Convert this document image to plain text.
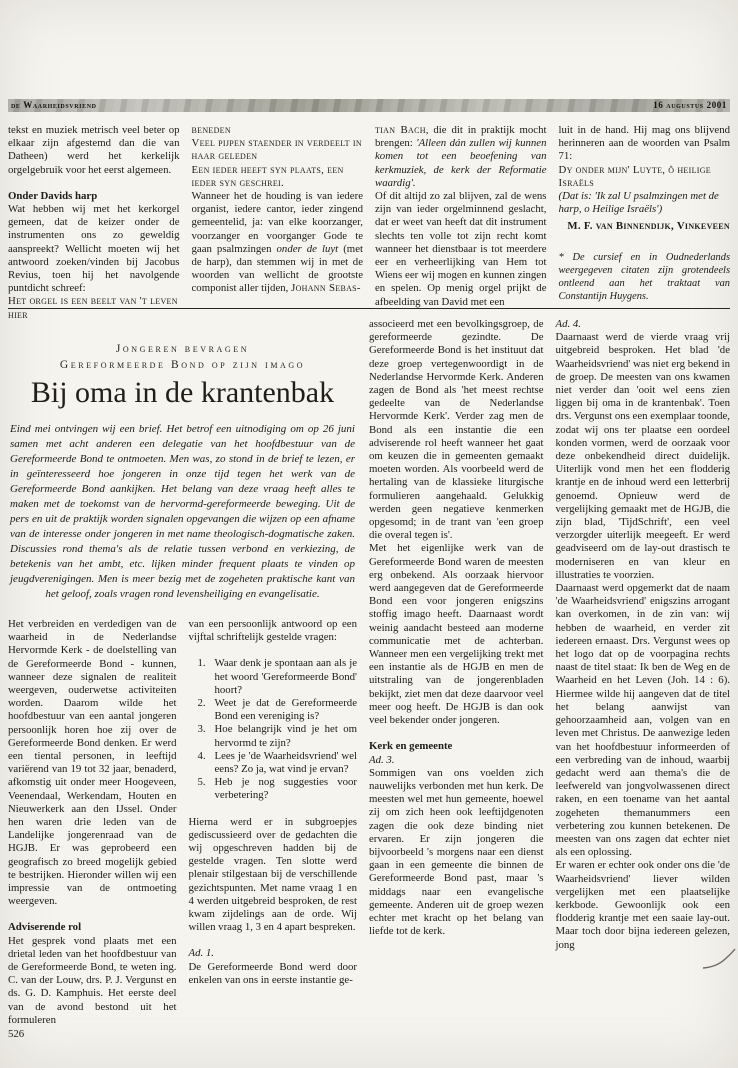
de Waarheidsvriend	16 augustus 2001

tekst en muziek metrisch veel beter op elkaar zijn afgestemd dan die van Datheen) werd het kerkelijk orgelgebruik voor het eerst algemeen.

Onder Davids harp

Wat hebben wij met het kerkorgel gemeen, dat de keizer onder de instrumenten ons zo geweldig aanspreekt? Wellicht moeten wij het antwoord zoeken/vinden bij Jacobus Revius, toen hij het navolgende puntdicht schreef:

Het orgel is een beelt van 't leven hier

beneden

Veel pijpen staender in verdeelt in haar geleden

Een ieder heeft syn plaats, een ieder syn geschrei.

Wanneer het de houding is van iedere organist, iedere cantor, ieder zingend gemeentelid, ja: van elke koorzanger, voorzanger en voorganger Gode te gaan psalmzingen onder de luyt (met de harp), dan stemmen wij in met de woorden van wellicht de grootste componist aller tijden, Johann Sebas-

tian Bach, die dit in praktijk mocht brengen: 'Alleen dán zullen wij kunnen komen tot een beoefening van kerkmuziek, de kerk der Reformatie waardig'.

Of dit altijd zo zal blijven, zal de wens zijn van ieder orgelminnend geslacht, dat er weet van heeft dat dit instrument slechts ten volle tot zijn recht komt wanneer het dienstbaar is tot meerdere eer en verheerlijking van Hem tot Wiens eer wij mogen en kunnen zingen en spelen. Op menig orgel prijkt de afbeelding van David met een

luit in de hand. Hij mag ons blijvend herinneren aan de woorden van Psalm 71:

Dy onder mijn' Luyte, ô heilige Israëls

(Dat is: 'Ik zal U psalmzingen met de harp, o Heilige Israëls')

M. F. van Binnendijk, Vinkeveen

* De cursief en in Oudnederlands weergegeven citaten zijn grotendeels ontleend aan het traktaat van Constantijn Huygens.

Jongeren bevragen
Gereformeerde Bond op zijn imago
Bij oma in de krantenbak

Eind mei ontvingen wij een brief. Het betrof een uitnodiging om op 26 juni samen met acht anderen een delegatie van het hoofdbestuur van de Gereformeerde Bond te ontmoeten. Men was, zo stond in de brief te lezen, er in geïnteresseerd hoe jongeren in onze tijd tegen het werk van de Gereformeerde Bond aankijken. Het belang van deze vraag heeft alles te maken met de toekomst van de hervormd-gereformeerde beweging. Uit de pers en uit de praktijk worden signalen opgevangen die wijzen op een afname van de interesse onder jongeren in met name theologisch-dogmatische zaken. Discussies rond thema's als de relatie tussen verbond en verkiezing, de betekenis van het ambt, etc. lijken minder frequent plaats te vinden op jeugdverenigingen. Men is meer bezig met de zogeheten praktische kant van het geloof, zoals vragen rond levensheiliging en evangelisatie.

Het verbreiden en verdedigen van de waarheid in de Nederlandse Hervormde Kerk - de doelstelling van de Gereformeerde Bond - kunnen, wanneer deze signalen de realiteit weergeven, ouderwetse activiteiten worden. Daarom wilde het hoofdbestuur van een aantal jongeren persoonlijk horen hoe zij over de Gereformeerde Bond denken. Er werd een tiental personen, in leeftijd variërend van 19 tot 32 jaar, benaderd, afkomstig uit onder meer Hoogeveen, Veenendaal, Werkendam, Houten en Nieuwerkerk aan den IJssel. Onder hen waren drie leden van de Landelijke jongerenraad van de HGJB. Er was geprobeerd een geografisch zo breed mogelijk gebied te bestrijken. Hieronder willen wij een impressie van de ontmoeting weergeven.

Adviserende rol

Het gesprek vond plaats met een drietal leden van het hoofdbestuur van de Gereformeerde Bond, te weten ing. C. van der Louw, drs. P. J. Vergunst en ds. G. D. Kamphuis. Het eerste deel van de avond bestond uit het formuleren

526

van een persoonlijk antwoord op een vijftal schriftelijk gestelde vragen:

1. Waar denk je spontaan aan als je het woord 'Gereformeerde Bond' hoort?
2. Weet je dat de Gereformeerde Bond een vereniging is?
3. Hoe belangrijk vind je het om hervormd te zijn?
4. Lees je 'de Waarheidsvriend' wel eens? Zo ja, wat vind je ervan?
5. Heb je nog suggesties voor verbetering?

Hierna werd er in subgroepjes gediscussieerd over de gedachten die wij opgeschreven hadden bij de gestelde vragen. Ten slotte werd plenair stilgestaan bij de verschillende gezichtspunten. Met name vraag 1 en 4 werden uitgebreid besproken, de rest kwam zijdelings aan de orde. Wij willen vraag 1, 3 en 4 apart bespreken.

Ad. 1.

De Gereformeerde Bond werd door enkelen van ons in eerste instantie ge-

associeerd met een bevolkingsgroep, de gereformeerde gezindte. De Gereformeerde Bond is het instituut dat deze groep vertegenwoordigt in de Nederlandse Hervormde Kerk. Anderen zagen de Bond als 'het meest rechtse gedeelte van de Nederlandse Hervormde Kerk'. Verder zag men de Bond als een instantie die een adviserende rol heeft wanneer het gaat om keuzen die in gemeenten gemaakt moeten worden. Als voorbeeld werd de hertaling van de klassieke liturgische formulieren aangehaald. Gelukkig werden geen negatieve kenmerken opgesomd; in de trant van 'een groep die overal tegen is'.

Met het eigenlijke werk van de Gereformeerde Bond waren de meesten erg onbekend. Als oorzaak hiervoor werd aangegeven dat de Gereformeerde Bond een voor jongeren enigszins stoffig imago heeft. Daarnaast wordt weinig aandacht besteed aan moderne communicatie met de achterban. Wanneer men een vergelijking trekt met een instantie als de HGJB en men de uitstraling van de jongerenbladen bekijkt, ziet men dat deze daarvoor veel meer oog heeft. De HGJB is dan ook veel bekender onder jongeren.

Kerk en gemeente

Ad. 3.

Sommigen van ons voelden zich nauwelijks verbonden met hun kerk. De meesten wel met hun gemeente, hoewel zij om zich heen ook leeftijdgenoten zagen die ook deze binding niet ervaren. Er zijn jongeren die bijvoorbeeld 's morgens naar een dienst gaan in een gemeente die binnen de Gereformeerde Bond past, maar 's middags naar een evangelische gemeente. Anderen uit de groep wezen echter met kracht op het belang van liefde tot de kerk.

Ad. 4.

Daarnaast werd de vierde vraag vrij uitgebreid besproken. Het blad 'de Waarheidsvriend' was niet erg bekend in de groep. De meesten van ons kwamen niet verder dan 'ooit wel eens zien liggen bij oma in de krantenbak'. Toen drs. Vergunst ons een exemplaar toonde, zodat wij ons ter plaatse een oordeel konden vormen, werd de oorzaak voor deze onbekendheid direct duidelijk. Uiterlijk vond men het een flodderig krantje en de inhoud werd een letterbrij genoemd. Opnieuw werd de vergelijking gemaakt met de HGJB, die zijn blad, 'TijdSchrift', een veel verzorgder uiterlijk meegeeft. Er werd geadviseerd om de lay-out drastisch te moderniseren en van kleur en illustraties te voorzien.

Daarnaast werd opgemerkt dat de naam 'de Waarheidsvriend' enigszins arrogant kan overkomen, in de zin van: wij hebben de waarheid, en verder zit iedereen ernaast. Drs. Vergunst wees op het logo dat op de voorpagina rechts naast de titel staat: Ik ben de Weg en de Waarheid en het Leven (Joh. 14 : 6). Hiermee wilde hij aangeven dat de titel het belang aanwijst van gehoorzaamheid aan, volgen van en leven met Christus. De aanwezige leden van het hoofdbestuur informeerden of een verbreding van de inhoud, waarbij gedacht werd aan thema's die de leefwereld van jongvolwassenen direct raken, en een toename van het aantal zogeheten themanummers een verbetering zou kunnen betekenen. De meesten van ons zagen dat echter niet als een oplossing.

Er waren er echter ook onder ons die 'de Waarheidsvriend' liever wilden vergelijken met een plaatselijke kerkbode. Gewoonlijk ook een flodderig krantje met een saaie lay-out. Maar toch door bijna iedereen gelezen, jong
